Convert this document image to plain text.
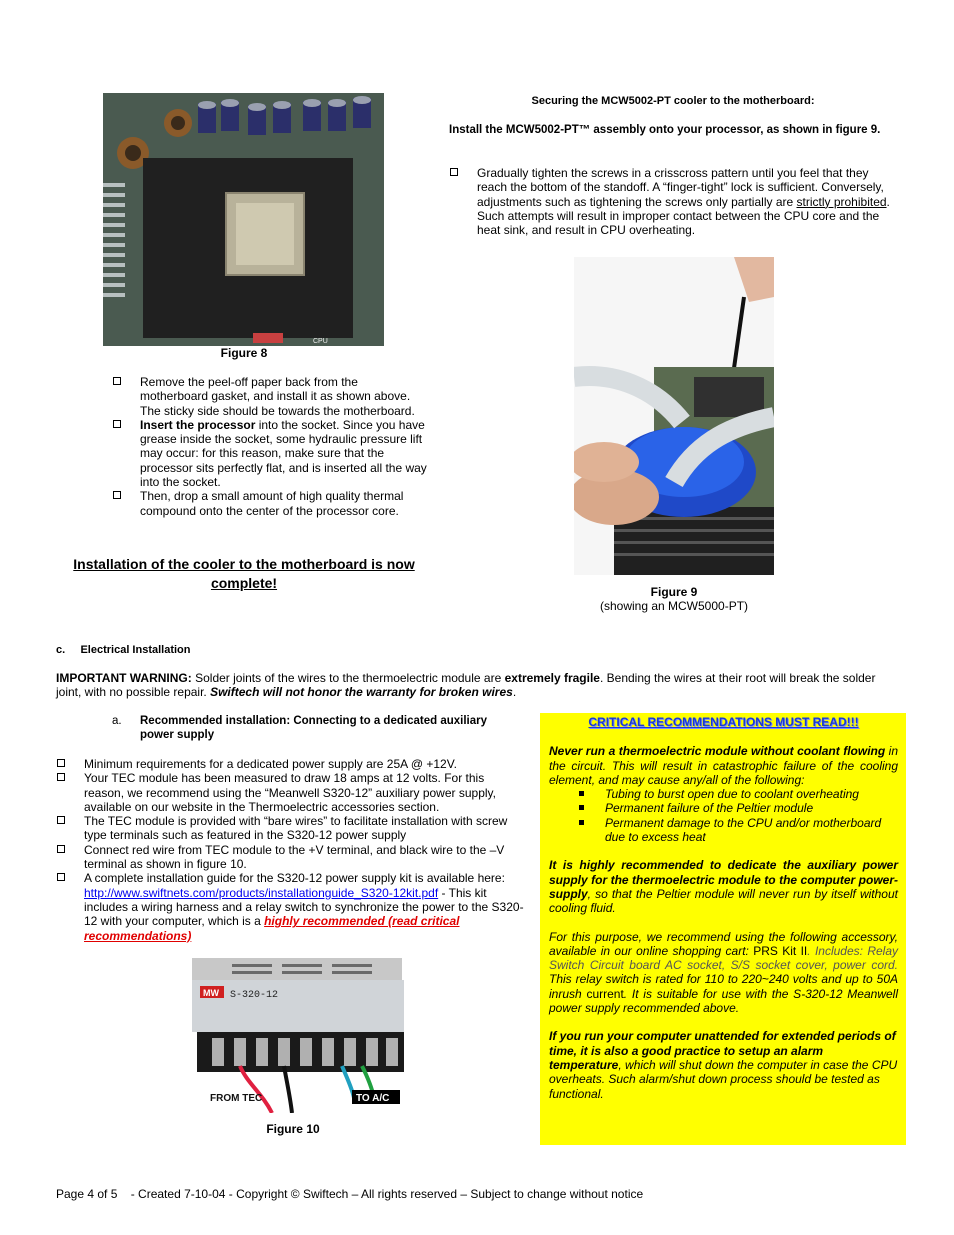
CPU
Figure 8
Remove the peel-off paper back from the motherboard gasket, and install it as shown above. The sticky side should be towards the motherboard.
Insert the processor into the socket. Since you have grease inside the socket, some hydraulic pressure lift may occur: for this reason, make sure that the processor sits perfectly flat, and is inserted all the way into the socket.
Then, drop a small amount of high quality thermal compound onto the center of the processor core.
Installation of the cooler to the motherboard is now complete!
Securing the MCW5002-PT cooler to the motherboard:
Install the MCW5002-PT™ assembly onto your processor, as shown in figure 9.
Gradually tighten the screws in a crisscross pattern until you feel that they reach the bottom of the standoff. A “finger-tight” lock is sufficient. Conversely, adjustments such as tightening the screws only partially are strictly prohibited. Such attempts will result in improper contact between the CPU core and the heat sink, and result in CPU overheating.
Figure 9
(showing an MCW5000-PT)
c.     Electrical Installation
IMPORTANT WARNING: Solder joints of the wires to the thermoelectric module are extremely fragile. Bending the wires at their root will break the solder joint, with no possible repair. Swiftech will not honor the warranty for broken wires.
a. Recommended installation: Connecting to a dedicated auxiliary power supply
Minimum requirements for a dedicated power supply are 25A @ +12V.
Your TEC module has been measured to draw 18 amps at 12 volts. For this reason, we recommend using the “Meanwell S320-12” auxiliary power supply, available on our website in the Thermoelectric accessories section.
The TEC module is provided with “bare wires” to facilitate installation with screw type terminals such as featured in the S320-12 power supply
Connect red wire from TEC module to the +V terminal, and black wire to the –V terminal as shown in figure 10.
A complete installation guide for the S320-12 power supply kit is available here: http://www.swiftnets.com/products/installationguide_S320-12kit.pdf - This kit includes a wiring harness and a relay switch to synchronize the power to the S320-12 with your computer, which is a highly recommended (read critical recommendations)
MW S-320-12
FROM TEC	TO A/C
Figure 10
CRITICAL RECOMMENDATIONS MUST READ!!!

Never run a thermoelectric module without coolant flowing in the circuit. This will result in catastrophic failure of the cooling element, and may cause any/all of the following:

Tubing to burst open due to coolant overheating
Permanent failure of the Peltier module
Permanent damage to the CPU and/or motherboard due to excess heat

It is highly recommended to dedicate the auxiliary power supply for the thermoelectric module to the computer power-supply, so that the Peltier module will never run by itself without cooling fluid.

For this purpose, we recommend using the following accessory, available in our online shopping cart: PRS Kit II. Includes: Relay Switch Circuit board AC socket, S/S socket cover, power cord. This relay switch is rated for 110 to 220~240 volts and up to 50A inrush current. It is suitable for use with the S-320-12 Meanwell power supply recommended above.

If you run your computer unattended for extended periods of time, it is also a good practice to setup an alarm temperature, which will shut down the computer in case the CPU overheats. Such alarm/shut down process should be tested as functional.

Page 4 of 5    - Created 7-10-04 - Copyright © Swiftech – All rights reserved – Subject to change without notice
